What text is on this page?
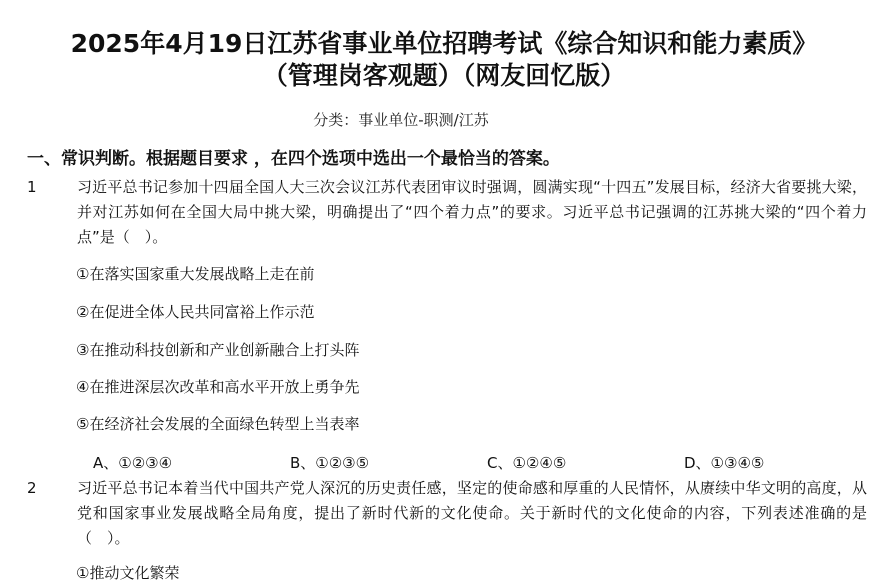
2025年4月19日江苏省事业单位招聘考试《综合知识和能力素质》
（管理岗客观题）（网友回忆版）
分类：事业单位-职测/江苏
一、常识判断。根据题目要求 ，在四个选项中选出一个最恰当的答案。
1	习近平总书记参加十四届全国人大三次会议江苏代表团审议时强调，圆满实现“十四五”发展目标，经济大省要挑大梁，并对江苏如何在全国大局中挑大梁，明确提出了“四个着力点”的要求。习近平总书记强调的江苏挑大梁的“四个着力点”是（　）。
①在落实国家重大发展战略上走在前
②在促进全体人民共同富裕上作示范
③在推动科技创新和产业创新融合上打头阵
④在推进深层次改革和高水平开放上勇争先
⑤在经济社会发展的全面绿色转型上当表率
A、①②③④	B、①②③⑤	C、①②④⑤	D、①③④⑤
2	习近平总书记本着当代中国共产党人深沉的历史责任感，坚定的使命感和厚重的人民情怀，从赓续中华文明的高度，从党和国家事业发展战略全局角度，提出了新时代新的文化使命。关于新时代的文化使命的内容，下列表述准确的是（　）。
①推动文化繁荣
